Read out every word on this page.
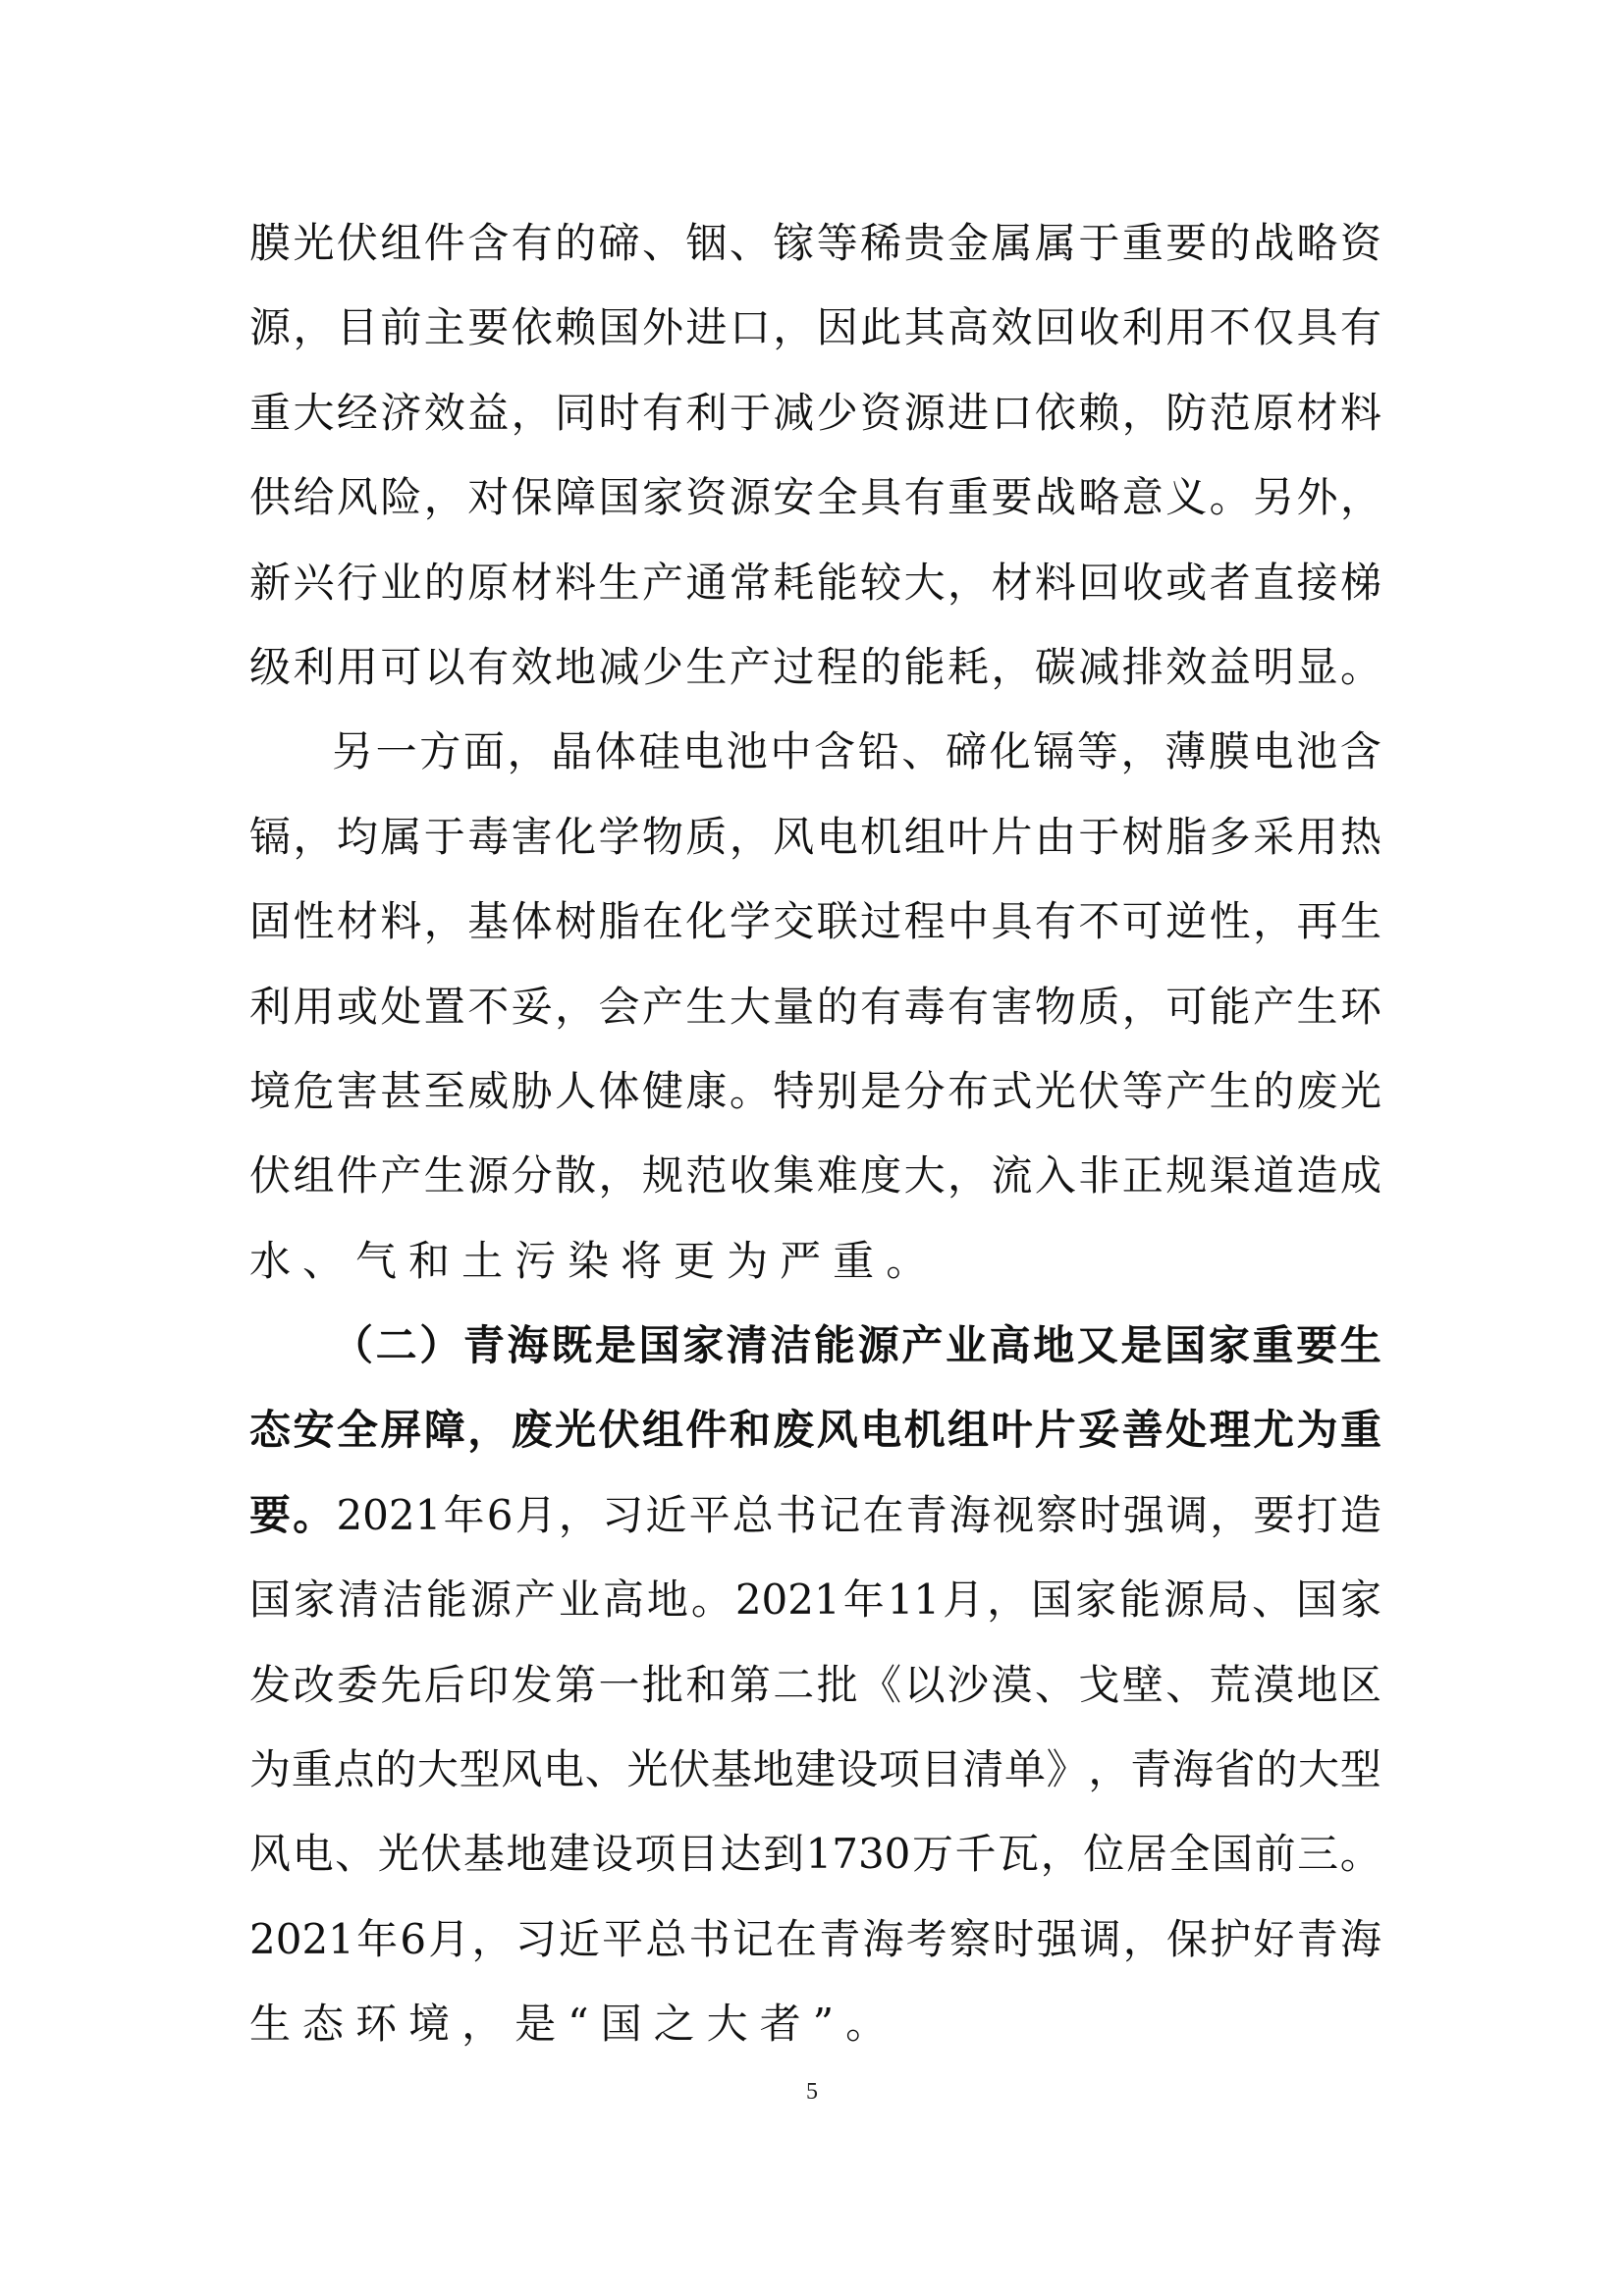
膜 光 伏 组 件 含 有 的 碲 、 铟 、 镓 等 稀 贵 金 属 属 于 重 要 的 战 略 资
源 ， 目 前 主 要 依 赖 国 外 进 口 ， 因 此 其 高 效 回 收 利 用 不 仅 具 有
重 大 经 济 效 益 ， 同 时 有 利 于 减 少 资 源 进 口 依 赖 ， 防 范 原 材 料
供 给 风 险 ， 对 保 障 国 家 资 源 安 全 具 有 重 要 战 略 意 义 。 另 外 ，
新 兴 行 业 的 原 材 料 生 产 通 常 耗 能 较 大 ， 材 料 回 收 或 者 直 接 梯
级 利 用 可 以 有 效 地 减 少 生 产 过 程 的 能 耗 ， 碳 减 排 效 益 明 显 。
另 一 方 面 ， 晶 体 硅 电 池 中 含 铅 、 碲 化 镉 等 ， 薄 膜 电 池 含
镉 ， 均 属 于 毒 害 化 学 物 质 ， 风 电 机 组 叶 片 由 于 树 脂 多 采 用 热
固 性 材 料 ， 基 体 树 脂 在 化 学 交 联 过 程 中 具 有 不 可 逆 性 ， 再 生
利 用 或 处 置 不 妥 ， 会 产 生 大 量 的 有 毒 有 害 物 质 ， 可 能 产 生 环
境 危 害 甚 至 威 胁 人 体 健 康 。 特 别 是 分 布 式 光 伏 等 产 生 的 废 光
伏 组 件 产 生 源 分 散 ， 规 范 收 集 难 度 大 ， 流 入 非 正 规 渠 道 造 成
水 、 气 和 土 污 染 将 更 为 严 重 。
（ 二 ） 青 海 既 是 国 家 清 洁 能 源 产 业 高 地 又 是 国 家 重 要 生
态 安 全 屏 障 ， 废 光 伏 组 件 和 废 风 电 机 组 叶 片 妥 善 处 理 尤 为 重
要 。 2021 年 6 月 ， 习 近 平 总 书 记 在 青 海 视 察 时 强 调 ， 要 打 造
国 家 清 洁 能 源 产 业 高 地 。 2021 年 11 月 ， 国 家 能 源 局 、 国 家
发 改 委 先 后 印 发 第 一 批 和 第 二 批 《 以 沙 漠 、 戈 壁 、 荒 漠 地 区
为 重 点 的 大 型 风 电 、 光 伏 基 地 建 设 项 目 清 单 》 ， 青 海 省 的 大 型
风 电 、 光 伏 基 地 建 设 项 目 达 到 1730 万 千 瓦 ， 位 居 全 国 前 三 。
2021 年 6 月 ， 习 近 平 总 书 记 在 青 海 考 察 时 强 调 ， 保 护 好 青 海
生 态 环 境 ， 是 “ 国 之 大 者 ” 。
5
